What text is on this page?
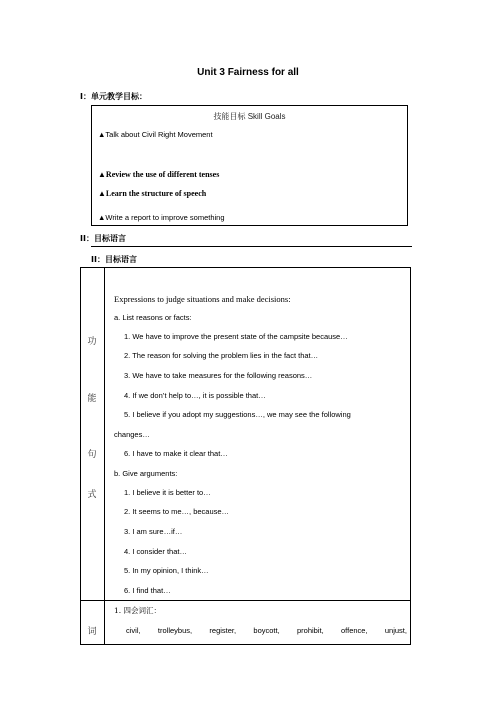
Unit 3 Fairness for all
I：单元教学目标：
技能目标 Skill Goals
▲Talk about Civil Right Movement
▲Review the use of different tenses
▲Learn the structure of speech
▲Write a report to improve something
II：目标语言
II：目标语言
功
能
句
式
Expressions to judge situations and make decisions:
a. List reasons or facts:
1. We have to improve the present state of the campsite because…
2. The reason for solving the problem lies in the fact that…
3. We have to take measures for the following reasons…
4. If we don’t help to…, it is possible that…
5. I believe if you adopt my suggestions…, we may see the following
changes…
6. I have to make it clear that…
b. Give arguments:
1. I believe it is better to…
2. It seems to me…, because…
3. I am sure…if…
4. I consider that…
5. In my opinion, I think…
6. I find that…
词
1. 四会词汇：
civil, trolleybus, register, boycott, prohibit, offence, unjust,
